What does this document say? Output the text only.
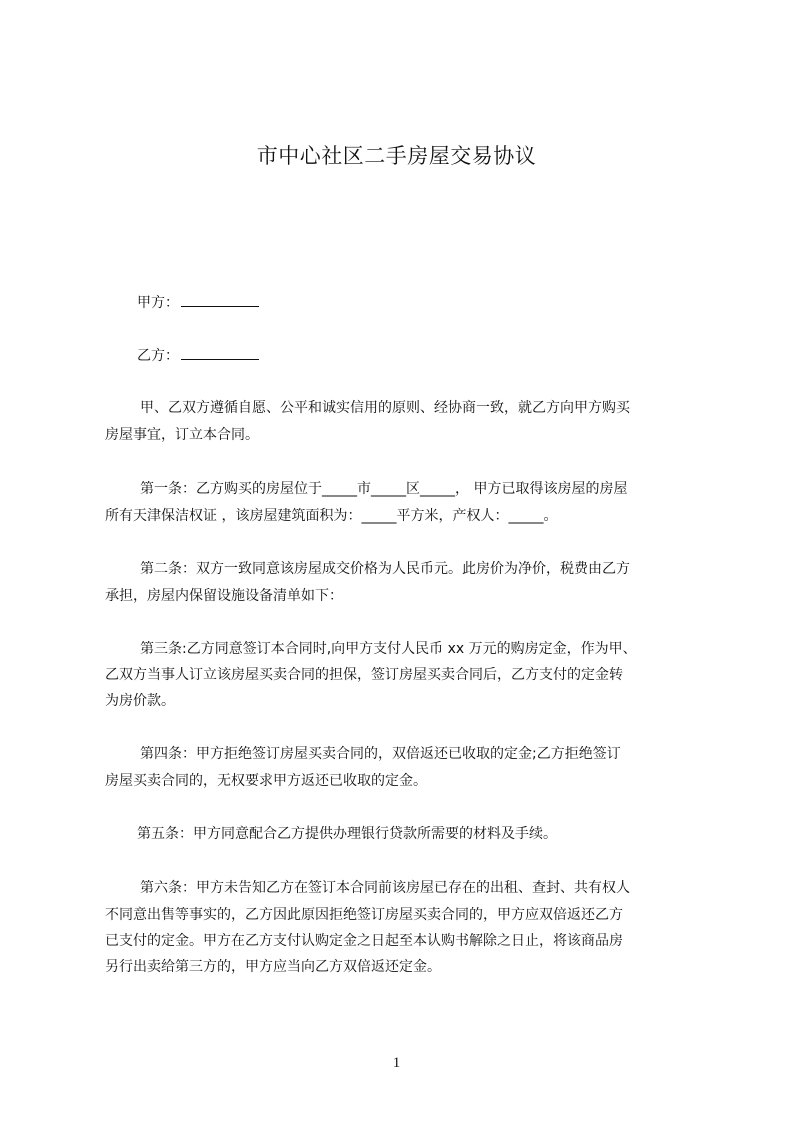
市中心社区二手房屋交易协议
甲方：
乙方：
甲、乙双方遵循自愿、公平和诚实信用的原则、经协商一致，就乙方向甲方购买
房屋事宜，订立本合同。
第一条：乙方购买的房屋位于_____市_____区_____， 甲方已取得该房屋的房屋
所有天津保洁权证 ，该房屋建筑面积为：_____平方米，产权人：_____。
第二条：双方一致同意该房屋成交价格为人民币元。此房价为净价，税费由乙方
承担，房屋内保留设施设备清单如下：
第三条:乙方同意签订本合同时,向甲方支付人民币 xx 万元的购房定金，作为甲、
乙双方当事人订立该房屋买卖合同的担保，签订房屋买卖合同后，乙方支付的定金转
为房价款。
第四条：甲方拒绝签订房屋买卖合同的，双倍返还已收取的定金;乙方拒绝签订
房屋买卖合同的，无权要求甲方返还已收取的定金。
第五条：甲方同意配合乙方提供办理银行贷款所需要的材料及手续。
第六条：甲方未告知乙方在签订本合同前该房屋已存在的出租、查封、共有权人
不同意出售等事实的，乙方因此原因拒绝签订房屋买卖合同的，甲方应双倍返还乙方
已支付的定金。甲方在乙方支付认购定金之日起至本认购书解除之日止，将该商品房
另行出卖给第三方的，甲方应当向乙方双倍返还定金。
1
